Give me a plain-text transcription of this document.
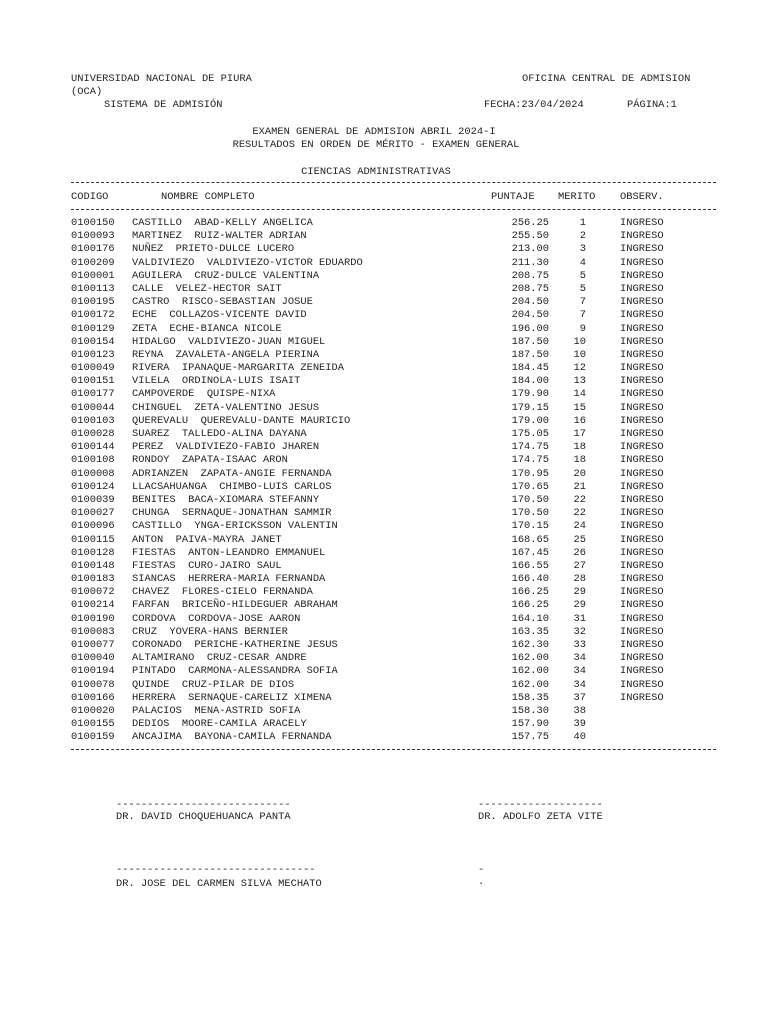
UNIVERSIDAD NACIONAL DE PIURA	OFICINA CENTRAL DE ADMISION
(OCA)
SISTEMA DE ADMISIÓN	FECHA:23/04/2024	PÁGINA:1
EXAMEN GENERAL DE ADMISION ABRIL 2024-I
RESULTADOS EN ORDEN DE MÉRITO - EXAMEN GENERAL
CIENCIAS ADMINISTRATIVAS
CODIGO	NOMBRE COMPLETO	PUNTAJE MERITO OBSERV.
0100150 CASTILLO  ABAD-KELLY ANGELICA	256.25	1	INGRESO
0100093 MARTINEZ  RUIZ-WALTER ADRIAN	255.50	2	INGRESO
0100176 NUÑEZ  PRIETO-DULCE LUCERO	213.00	3	INGRESO
0100209 VALDIVIEZO  VALDIVIEZO-VICTOR EDUARDO	211.30	4	INGRESO
0100001 AGUILERA  CRUZ-DULCE VALENTINA	208.75	5	INGRESO
0100113 CALLE  VELEZ-HECTOR SAIT	208.75	5	INGRESO
0100195 CASTRO  RISCO-SEBASTIAN JOSUE	204.50	7	INGRESO
0100172 ECHE  COLLAZOS-VICENTE DAVID	204.50	7	INGRESO
0100129 ZETA  ECHE-BIANCA NICOLE	196.00	9	INGRESO
0100154 HIDALGO  VALDIVIEZO-JUAN MIGUEL	187.50	10	INGRESO
0100123 REYNA  ZAVALETA-ANGELA PIERINA	187.50	10	INGRESO
0100049 RIVERA  IPANAQUE-MARGARITA ZENEIDA	184.45	12	INGRESO
0100151 VILELA  ORDINOLA-LUIS ISAIT	184.00	13	INGRESO
0100177 CAMPOVERDE  QUISPE-NIXA	179.90	14	INGRESO
0100044 CHINGUEL  ZETA-VALENTINO JESUS	179.15	15	INGRESO
0100103 QUEREVALU  QUEREVALU-DANTE MAURICIO	179.00	16	INGRESO
0100028 SUAREZ  TALLEDO-ALINA DAYANA	175.05	17	INGRESO
0100144 PEREZ  VALDIVIEZO-FABIO JHAREN	174.75	18	INGRESO
0100108 RONDOY  ZAPATA-ISAAC ARON	174.75	18	INGRESO
0100008 ADRIANZEN  ZAPATA-ANGIE FERNANDA	170.95	20	INGRESO
0100124 LLACSAHUANGA  CHIMBO-LUIS CARLOS	170.65	21	INGRESO
0100039 BENITES  BACA-XIOMARA STEFANNY	170.50	22	INGRESO
0100027 CHUNGA  SERNAQUE-JONATHAN SAMMIR	170.50	22	INGRESO
0100096 CASTILLO  YNGA-ERICKSSON VALENTIN	170.15	24	INGRESO
0100115 ANTON  PAIVA-MAYRA JANET	168.65	25	INGRESO
0100128 FIESTAS  ANTON-LEANDRO EMMANUEL	167.45	26	INGRESO
0100148 FIESTAS  CURO-JAIRO SAUL	166.55	27	INGRESO
0100183 SIANCAS  HERRERA-MARIA FERNANDA	166.40	28	INGRESO
0100072 CHAVEZ  FLORES-CIELO FERNANDA	166.25	29	INGRESO
0100214 FARFAN  BRICEÑO-HILDEGUER ABRAHAM	166.25	29	INGRESO
0100190 CORDOVA  CORDOVA-JOSE AARON	164.10	31	INGRESO
0100083 CRUZ  YOVERA-HANS BERNIER	163.35	32	INGRESO
0100077 CORONADO  PERICHE-KATHERINE JESUS	162.30	33	INGRESO
0100040 ALTAMIRANO  CRUZ-CESAR ANDRE	162.00	34	INGRESO
0100194 PINTADO  CARMONA-ALESSANDRA SOFIA	162.00	34	INGRESO
0100078 QUINDE  CRUZ-PILAR DE DIOS	162.00	34	INGRESO
0100166 HERRERA  SERNAQUE-CARELIZ XIMENA	158.35	37	INGRESO
0100020 PALACIOS  MENA-ASTRID SOFIA	158.30	38
0100155 DEDIOS  MOORE-CAMILA ARACELY	157.90	39
0100159 ANCAJIMA  BAYONA-CAMILA FERNANDA	157.75	40
----------------------------
DR. DAVID CHOQUEHUANCA PANTA
--------------------
DR. ADOLFO ZETA VITE
--------------------------------
DR. JOSE DEL CARMEN SILVA MECHATO
-
.
